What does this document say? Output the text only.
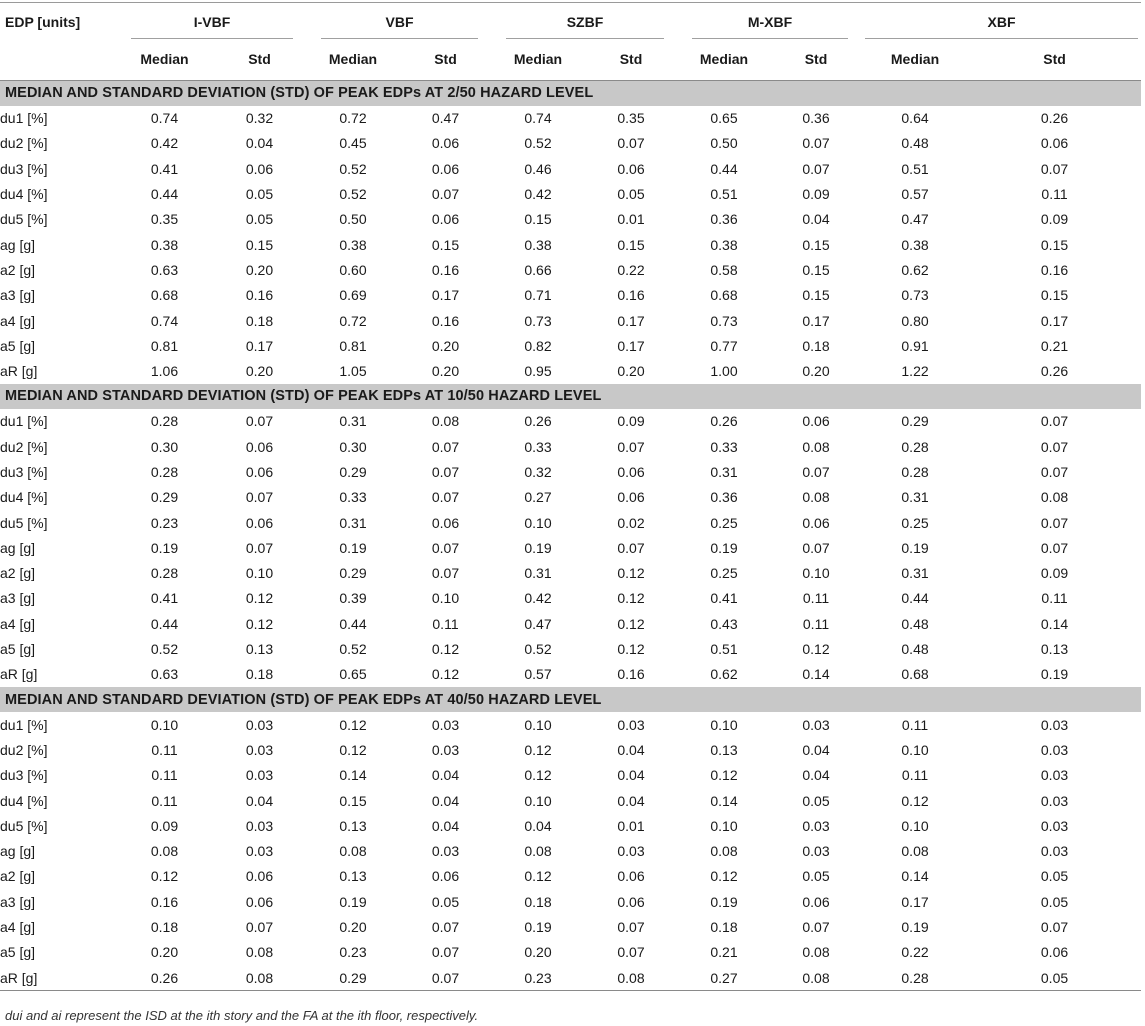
EDP [units]	I-VBF		VBF		SZBF		M-XBF		XBF	

	Median	Std	Median	Std	Median	Std	Median	Std	Median	Std
MEDIAN AND STANDARD DEVIATION (STD) OF PEAK EDPs AT 2/50 HAZARD LEVEL										
du1 [%]	0.74	0.32	0.72	0.47	0.74	0.35	0.65	0.36	0.64	0.26
du2 [%]	0.42	0.04	0.45	0.06	0.52	0.07	0.50	0.07	0.48	0.06
du3 [%]	0.41	0.06	0.52	0.06	0.46	0.06	0.44	0.07	0.51	0.07
du4 [%]	0.44	0.05	0.52	0.07	0.42	0.05	0.51	0.09	0.57	0.11
du5 [%]	0.35	0.05	0.50	0.06	0.15	0.01	0.36	0.04	0.47	0.09
ag [g]	0.38	0.15	0.38	0.15	0.38	0.15	0.38	0.15	0.38	0.15
a2 [g]	0.63	0.20	0.60	0.16	0.66	0.22	0.58	0.15	0.62	0.16
a3 [g]	0.68	0.16	0.69	0.17	0.71	0.16	0.68	0.15	0.73	0.15
a4 [g]	0.74	0.18	0.72	0.16	0.73	0.17	0.73	0.17	0.80	0.17
a5 [g]	0.81	0.17	0.81	0.20	0.82	0.17	0.77	0.18	0.91	0.21
aR [g]	1.06	0.20	1.05	0.20	0.95	0.20	1.00	0.20	1.22	0.26
MEDIAN AND STANDARD DEVIATION (STD) OF PEAK EDPs AT 10/50 HAZARD LEVEL										
du1 [%]	0.28	0.07	0.31	0.08	0.26	0.09	0.26	0.06	0.29	0.07
du2 [%]	0.30	0.06	0.30	0.07	0.33	0.07	0.33	0.08	0.28	0.07
du3 [%]	0.28	0.06	0.29	0.07	0.32	0.06	0.31	0.07	0.28	0.07
du4 [%]	0.29	0.07	0.33	0.07	0.27	0.06	0.36	0.08	0.31	0.08
du5 [%]	0.23	0.06	0.31	0.06	0.10	0.02	0.25	0.06	0.25	0.07
ag [g]	0.19	0.07	0.19	0.07	0.19	0.07	0.19	0.07	0.19	0.07
a2 [g]	0.28	0.10	0.29	0.07	0.31	0.12	0.25	0.10	0.31	0.09
a3 [g]	0.41	0.12	0.39	0.10	0.42	0.12	0.41	0.11	0.44	0.11
a4 [g]	0.44	0.12	0.44	0.11	0.47	0.12	0.43	0.11	0.48	0.14
a5 [g]	0.52	0.13	0.52	0.12	0.52	0.12	0.51	0.12	0.48	0.13
aR [g]	0.63	0.18	0.65	0.12	0.57	0.16	0.62	0.14	0.68	0.19
MEDIAN AND STANDARD DEVIATION (STD) OF PEAK EDPs AT 40/50 HAZARD LEVEL										
du1 [%]	0.10	0.03	0.12	0.03	0.10	0.03	0.10	0.03	0.11	0.03
du2 [%]	0.11	0.03	0.12	0.03	0.12	0.04	0.13	0.04	0.10	0.03
du3 [%]	0.11	0.03	0.14	0.04	0.12	0.04	0.12	0.04	0.11	0.03
du4 [%]	0.11	0.04	0.15	0.04	0.10	0.04	0.14	0.05	0.12	0.03
du5 [%]	0.09	0.03	0.13	0.04	0.04	0.01	0.10	0.03	0.10	0.03
ag [g]	0.08	0.03	0.08	0.03	0.08	0.03	0.08	0.03	0.08	0.03
a2 [g]	0.12	0.06	0.13	0.06	0.12	0.06	0.12	0.05	0.14	0.05
a3 [g]	0.16	0.06	0.19	0.05	0.18	0.06	0.19	0.06	0.17	0.05
a4 [g]	0.18	0.07	0.20	0.07	0.19	0.07	0.18	0.07	0.19	0.07
a5 [g]	0.20	0.08	0.23	0.07	0.20	0.07	0.21	0.08	0.22	0.06
aR [g]	0.26	0.08	0.29	0.07	0.23	0.08	0.27	0.08	0.28	0.05
dui and ai represent the ISD at the ith story and the FA at the ith floor, respectively.
